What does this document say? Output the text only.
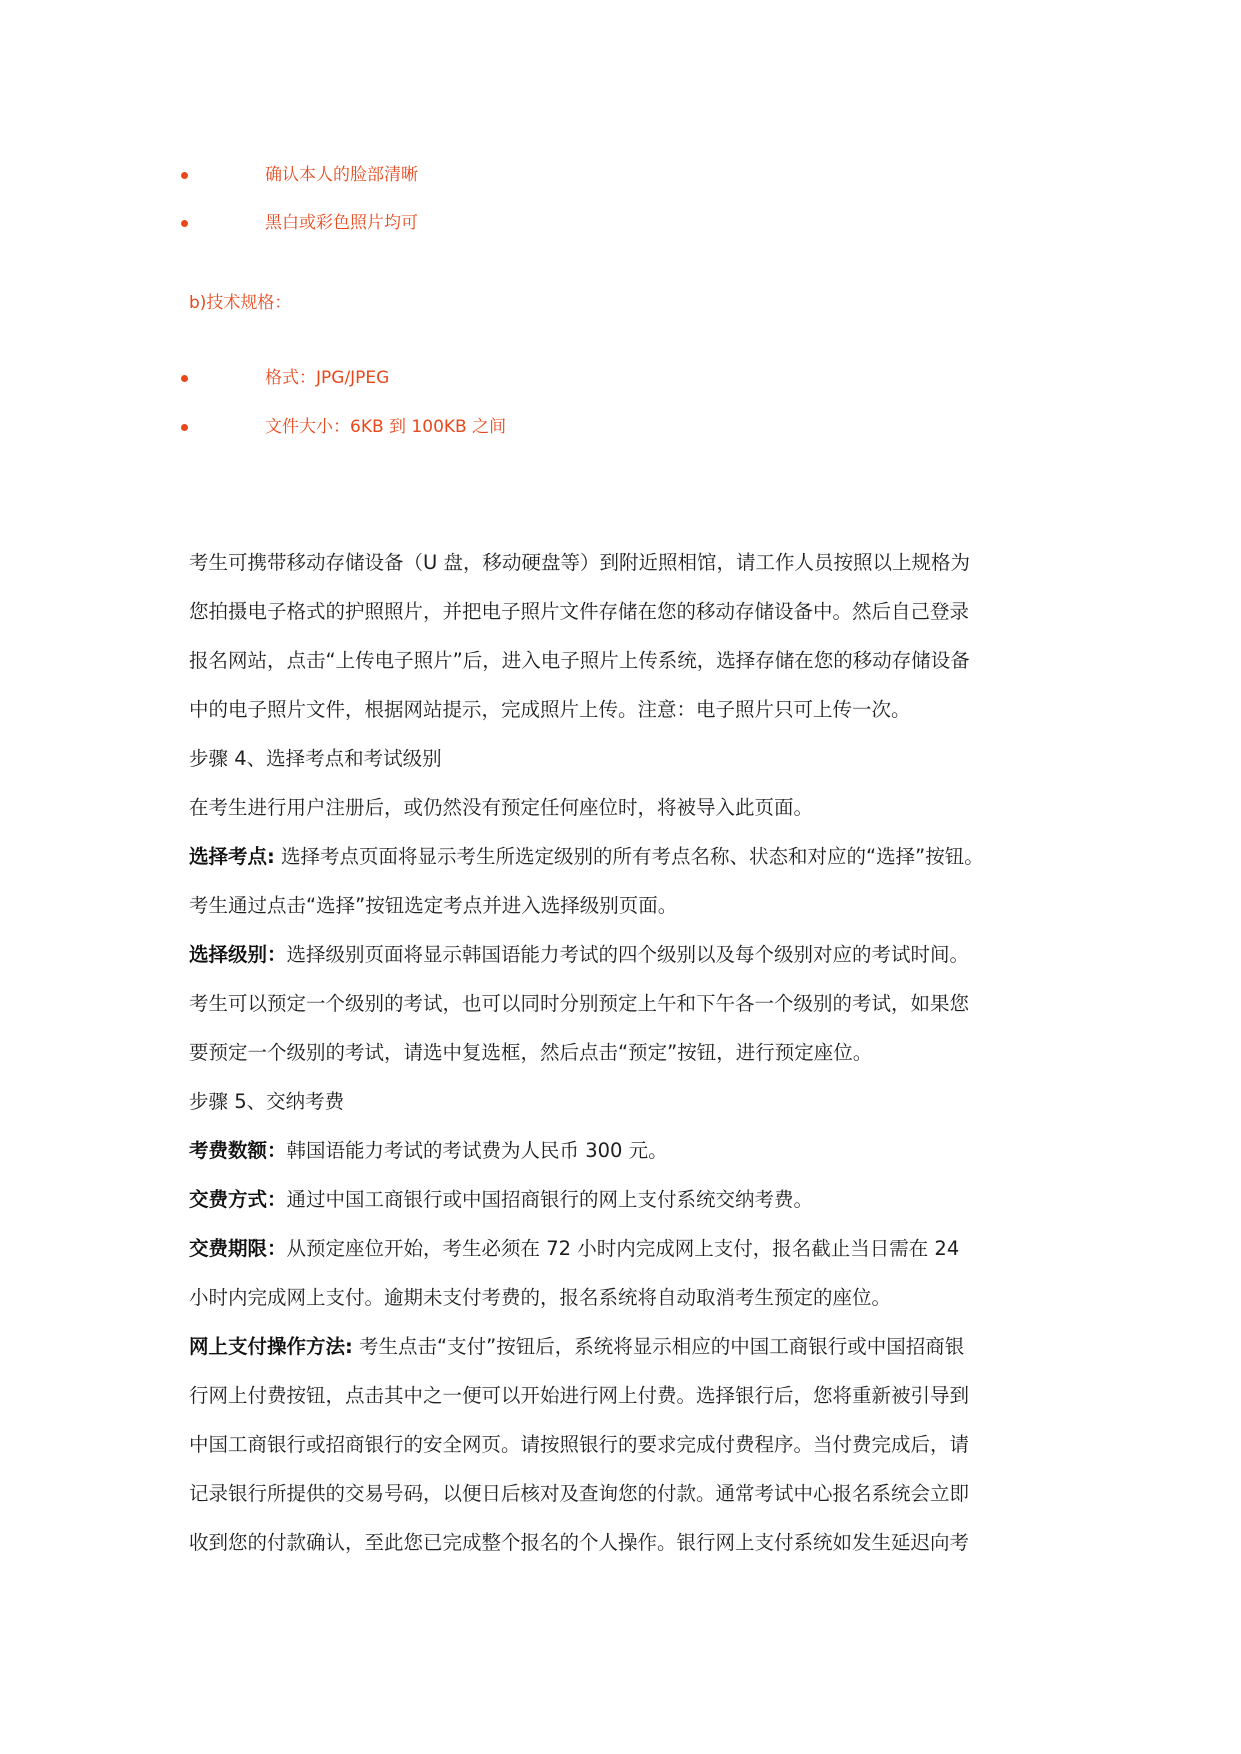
确认本人的脸部清晰
黑白或彩色照片均可
b)技术规格：
格式：JPG/JPEG
文件大小：6KB 到 100KB 之间
考生可携带移动存储设备（U 盘，移动硬盘等）到附近照相馆，请工作人员按照以上规格为
您拍摄电子格式的护照照片，并把电子照片文件存储在您的移动存储设备中。然后自己登录
报名网站，点击“上传电子照片”后，进入电子照片上传系统，选择存储在您的移动存储设备
中的电子照片文件，根据网站提示，完成照片上传。注意：电子照片只可上传一次。
步骤 4、选择考点和考试级别
在考生进行用户注册后，或仍然没有预定任何座位时，将被导入此页面。
选择考点: 选择考点页面将显示考生所选定级别的所有考点名称、状态和对应的“选择”按钮。
考生通过点击“选择”按钮选定考点并进入选择级别页面。
选择级别：选择级别页面将显示韩国语能力考试的四个级别以及每个级别对应的考试时间。
考生可以预定一个级别的考试，也可以同时分别预定上午和下午各一个级别的考试，如果您
要预定一个级别的考试，请选中复选框，然后点击“预定”按钮，进行预定座位。
步骤 5、交纳考费
考费数额：韩国语能力考试的考试费为人民币 300 元。
交费方式：通过中国工商银行或中国招商银行的网上支付系统交纳考费。
交费期限：从预定座位开始，考生必须在 72 小时内完成网上支付，报名截止当日需在 24
小时内完成网上支付。逾期未支付考费的，报名系统将自动取消考生预定的座位。
网上支付操作方法: 考生点击“支付”按钮后，系统将显示相应的中国工商银行或中国招商银
行网上付费按钮，点击其中之一便可以开始进行网上付费。选择银行后，您将重新被引导到
中国工商银行或招商银行的安全网页。请按照银行的要求完成付费程序。当付费完成后，请
记录银行所提供的交易号码，以便日后核对及查询您的付款。通常考试中心报名系统会立即
收到您的付款确认，至此您已完成整个报名的个人操作。银行网上支付系统如发生延迟向考
